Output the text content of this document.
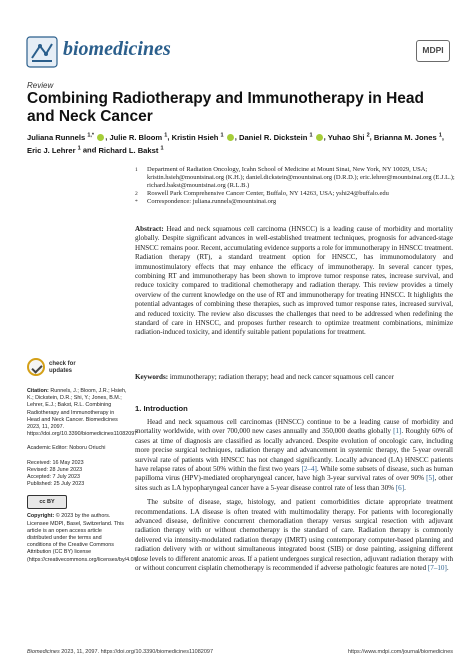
biomedicines	MDPI
Review
Combining Radiotherapy and Immunotherapy in Head and Neck Cancer
Juliana Runnels $^{1,*}$ , Julie R. Bloom $^1$, Kristin Hsieh $^1$ , Daniel R. Dickstein $^1$ , Yuhao Shi $^2$, Brianna M. Jones $^1$, Eric J. Lehrer $^1$ and Richard L. Bakst $^1$
1 Department of Radiation Oncology, Icahn School of Medicine at Mount Sinai, New York, NY 10029, USA; kristin.hsieh@mountsinai.org (K.H.); daniel.dickstein@mountsinai.org (D.R.D.); eric.lehrer@mountsinai.org (E.J.L.); richard.bakst@mountsinai.org (R.L.B.)
2 Roswell Park Comprehensive Cancer Center, Buffalo, NY 14263, USA; yshi24@buffalo.edu
* Correspondence: juliana.runnels@mountsinai.org
Abstract: Head and neck squamous cell carcinoma (HNSCC) is a leading cause of morbidity and mortality globally. Despite significant advances in well-established treatment techniques, prognosis for advanced-stage HNSCC remains poor. Recent, accumulating evidence supports a role for immunotherapy in HNSCC treatment. Radiation therapy (RT), a standard treatment option for HNSCC, has immunomodulatory and immunostimulatory effects that may enhance the efficacy of immunotherapy. In several cancer types, combining RT and immunotherapy has been shown to improve tumor response rates, increase survival, and reduce toxicity compared to traditional chemotherapy and radiation therapy. This review provides a timely overview of the current knowledge on the use of RT and immunotherapy for treating HNSCC. It highlights the potential advantages of combining these therapies, such as improved tumor response rates, increased survival, and reduced toxicity. The review also discusses the challenges that need to be addressed when redefining the standard of care in HNSCC, and proposes further research to optimize treatment combinations, minimize radiation-induced toxicity, and identify suitable patient populations for treatment.
Keywords: immunotherapy; radiation therapy; head and neck cancer squamous cell cancer
check for
updates
Citation: Runnels, J.; Bloom, J.R.; Hsieh, K.; Dickstein, D.R.; Shi, Y.; Jones, B.M.; Lehrer, E.J.; Bakst, R.L. Combining Radiotherapy and Immunotherapy in Head and Neck Cancer. Biomedicines 2023, 11, 2097. https://doi.org/10.3390/biomedicines11082097
Academic Editor: Noboru Oriuchi
Received: 16 May 2023
Revised: 28 June 2023
Accepted: 7 July 2023
Published: 25 July 2023
cc BY
Copyright: © 2023 by the authors. Licensee MDPI, Basel, Switzerland. This article is an open access article distributed under the terms and conditions of the Creative Commons Attribution (CC BY) license (https://creativecommons.org/licenses/by/4.0/).
1. Introduction

Head and neck squamous cell carcinomas (HNSCC) continue to be a leading cause of morbidity and mortality worldwide, with over 700,000 new cases annually and 350,000 deaths globally [1]. Roughly 60% of cases at time of diagnosis are classified as locally advanced. Despite evolution of oncologic care, including more precise surgical techniques, radiation therapy and advancement in systemic therapy, the 5-year overall survival rate of patients with HNSCC has not changed significantly. Locally advanced (LA) HNSCC patients have relapse rates of about 50% within the first two years [2–4]. While some subsets of disease, such as human papilloma virus (HPV)-mediated oropharyngeal cancer, have high 3-year survival rates of over 90% [5], other sites such as LA hypopharyngeal cancer have a 5-year disease control rate of less than 30% [6].

The subsite of disease, stage, histology, and patient comorbidities dictate appropriate treatment recommendations. LA disease is often treated with multimodality therapy. For patients with locoregionally advanced disease, definitive concurrent chemoradiation therapy versus surgical resection with adjuvant radiation therapy with or without chemotherapy is the standard of care. Radiation therapy is commonly delivered via intensity-modulated radiation therapy (IMRT) using contemporary computer-based planning and radiation delivery with or without simultaneous integrated boost (SIB) or dose painting, assigning different dose levels to different anatomic areas. If a patient undergoes surgical resection, adjuvant radiation therapy with or without concurrent cisplatin chemotherapy is recommended if adverse pathologic features are noted [7–10].

Biomedicines 2023, 11, 2097. https://doi.org/10.3390/biomedicines11082097	https://www.mdpi.com/journal/biomedicines
